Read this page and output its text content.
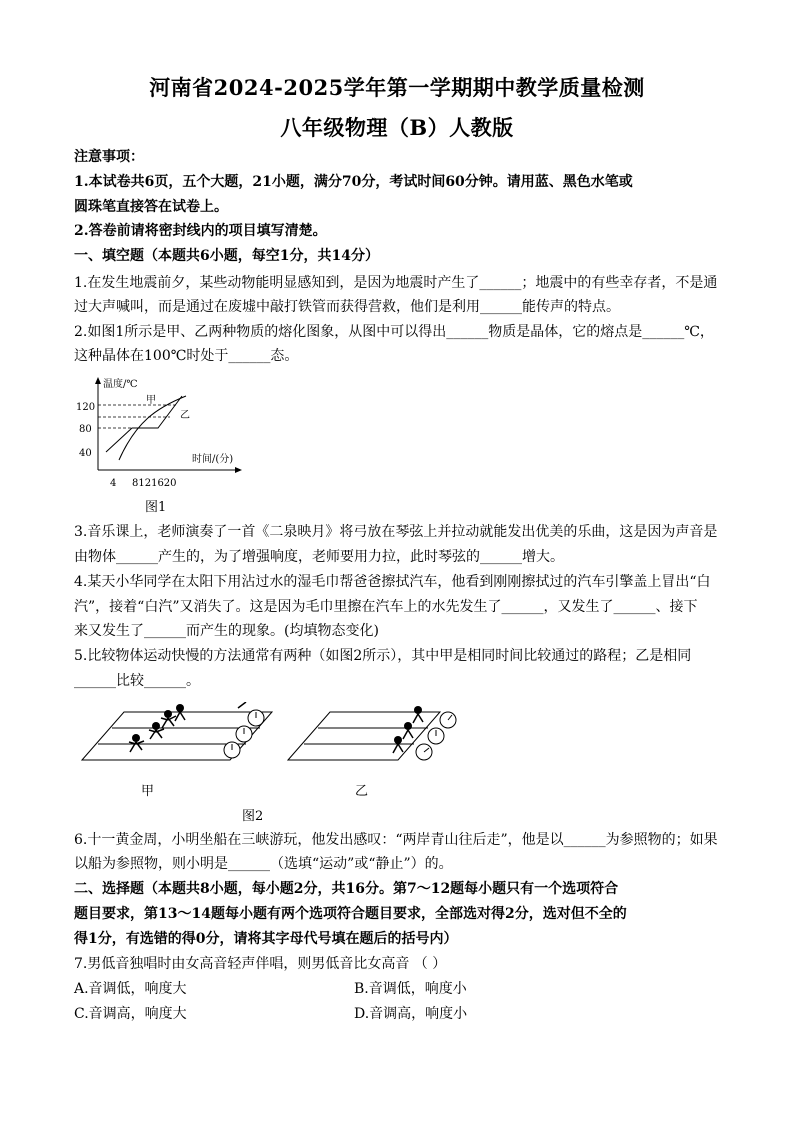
河南省2024-2025学年第一学期期中教学质量检测
八年级物理（B）人教版
注意事项：
1.本试卷共6页，五个大题，21小题，满分70分，考试时间60分钟。请用蓝、黑色水笔或
圆珠笔直接答在试卷上。
2.答卷前请将密封线内的项目填写清楚。
一、填空题（本题共6小题，每空1分，共14分）
1.在发生地震前夕，某些动物能明显感知到，是因为地震时产生了______；地震中的有些幸存者，不是通
过大声喊叫，而是通过在废墟中敲打铁管而获得营救，他们是利用______能传声的特点。
2.如图1所示是甲、乙两种物质的熔化图象，从图中可以得出______物质是晶体，它的熔点是______℃，
这种晶体在100℃时处于______态。
温度/℃
时间/(分)
120
80
40
甲
乙
4 8121620
图1
3.音乐课上，老师演奏了一首《二泉映月》将弓放在琴弦上并拉动就能发出优美的乐曲，这是因为声音是
由物体______产生的，为了增强响度，老师要用力拉，此时琴弦的______增大。
4.某天小华同学在太阳下用沾过水的湿毛巾帮爸爸擦拭汽车，他看到刚刚擦拭过的汽车引擎盖上冒出“白
汽”，接着“白汽”又消失了。这是因为毛巾里擦在汽车上的水先发生了______，又发生了______、接下
来又发生了______而产生的现象。(均填物态变化)
5.比较物体运动快慢的方法通常有两种（如图2所示），其中甲是相同时间比较通过的路程；乙是相同
______比较______。
甲	乙
图2
6.十一黄金周，小明坐船在三峡游玩，他发出感叹：“两岸青山往后走”，他是以______为参照物的；如果
以船为参照物，则小明是______（选填“运动”或“静止”）的。
二、选择题（本题共8小题，每小题2分，共16分。第7～12题每小题只有一个选项符合
题目要求，第13～14题每小题有两个选项符合题目要求，全部选对得2分，选对但不全的
得1分，有选错的得0分，请将其字母代号填在题后的括号内）
7.男低音独唱时由女高音轻声伴唱，则男低音比女高音 （ ）
A.音调低，响度大	B.音调低，响度小
C.音调高，响度大	D.音调高，响度小
